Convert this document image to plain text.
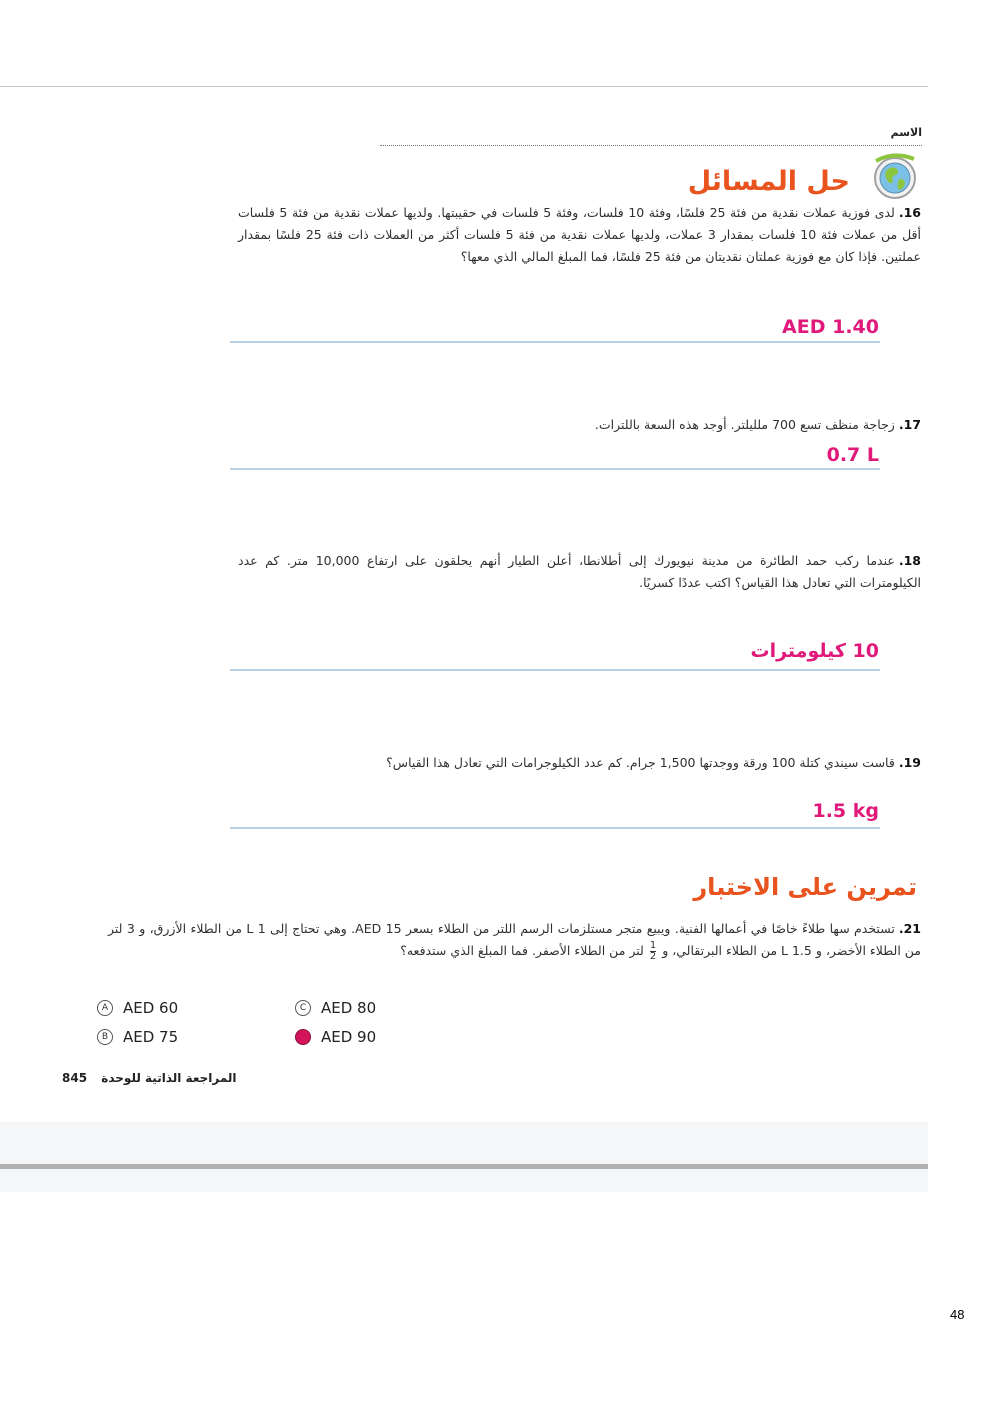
الاسم
حل المسائل
16.لدى فوزية عملات نقدية من فئة 25 فلسًا، وفئة 10 فلسات، وفئة 5 فلسات في حقيبتها. ولديها عملات نقدية من فئة 5 فلسات أقل من عملات فئة 10 فلسات بمقدار 3 عملات، ولديها عملات نقدية من فئة 5 فلسات أكثر من العملات ذات فئة 25 فلسًا بمقدار عملتين. فإذا كان مع فوزية عملتان نقديتان من فئة 25 فلسًا، فما المبلغ المالي الذي معها؟
AED 1.40
17.زجاجة منظف تسع 700 ملليلتر. أوجد هذه السعة باللترات.
0.7 L
18.عندما ركب حمد الطائرة من مدينة نيويورك إلى أطلانطا، أعلن الطيار أنهم يحلقون على ارتفاع 10,000 متر. كم عدد الكيلومترات التي تعادل هذا القياس؟ اكتب عددًا كسريًا.
10 كيلومترات
19.قاست سيندي كتلة 100 ورقة ووجدتها 1,500 جرام. كم عدد الكيلوجرامات التي تعادل هذا القياس؟
1.5 kg
تمرين على الاختبار
21.تستخدم سها طلاءً خاصًا في أعمالها الفنية. ويبيع متجر مستلزمات الرسم اللتر من الطلاء بسعر AED 15. وهي تحتاج إلى 1 L من الطلاء الأزرق، و 3 لتر من الطلاء الأخضر، و 1.5 L من الطلاء البرتقالي، و
$\frac{1}{2}$
لتر من الطلاء الأصفر. فما المبلغ الذي ستدفعه؟
A AED 60
B AED 75
C AED 80
D AED 90
845 المراجعة الذاتية للوحدة
48
